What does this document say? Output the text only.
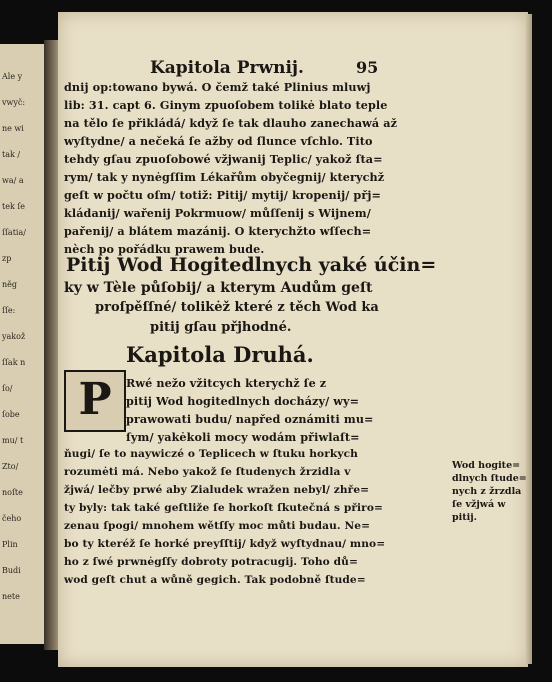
Ale y
vwyč:
ne wi
tak /
wa/ a
tek ſe
ſſatia/
zp
něg
ſſe:
yakož
ſſak n
ſo/
ſobe
mu/ t
Zto/
noſte
čeho
Plin
Budi
nete
Kapitola Prwnij.	95
dnij op:towano bywá. O čemž také Plinius mluwj
lib: 31. capt 6. Ginym zpuoſobem tolikė blato teple
na tělo ſe přikládá/ když ſe tak dlauho zanechawá až
wyſtydne/ a nečeká ſe ažby od ſlunce vſchlo. Tito
tehdy gſau zpuoſobowé vžjwanij Teplic/ yakož ſta=
rym/ tak y nynėgſſim Lékařům obyčegnij/ kterychž
geſt w počtu oſm/ totiž: Pitij/ mytij/ kropenij/ přj=
kládanij/ wařenij Pokrmuow/ můſſenij s Wijnem/
pařenij/ a blátem mazánij. O kterychžto wſſech=
nèch po pořádku prawem bude.
Pitij Wod Hogitedlnych yaké účin=
ky w Tèle půſobij/ a kterym Audům geſt
proſpěſſné/ tolikėž které z těch Wod ka
pitij gſau přjhodné.
Kapitola Druhá.
P	Rwé nežo vžitcych kterychž ſe z
pitij Wod hogitedlnych docházy/ wy=
prawowati budu/ napřed oznámiti mu=
ſym/ yakėkoli mocy wodám přiwlaſt=
ňugi/ ſe to naywiczé o Teplicech w ſtuku horkych
rozumėti má. Nebo yakož ſe ſtudenych žrzidla v
žjwá/ lečby prwé aby Zialudek wražen nebyl/ zhře=
ty byly: tak také geſtliže ſe horkoſt ſkutečná s přiro=
zenau ſpogi/ mnohem wětſſy moc můti budau. Ne=
bo ty kteréž ſe horké preyſſtij/ když wyſtydnau/ mno=
ho z ſwé prwnėgſſy dobroty potracugij. Toho dů=
wod geſt chut a wůně gegich. Tak podobně ſtude=
Wod hogite=
dlnych ſtude=
nych z žrzdla
ſe vžjwá w
pitij.
